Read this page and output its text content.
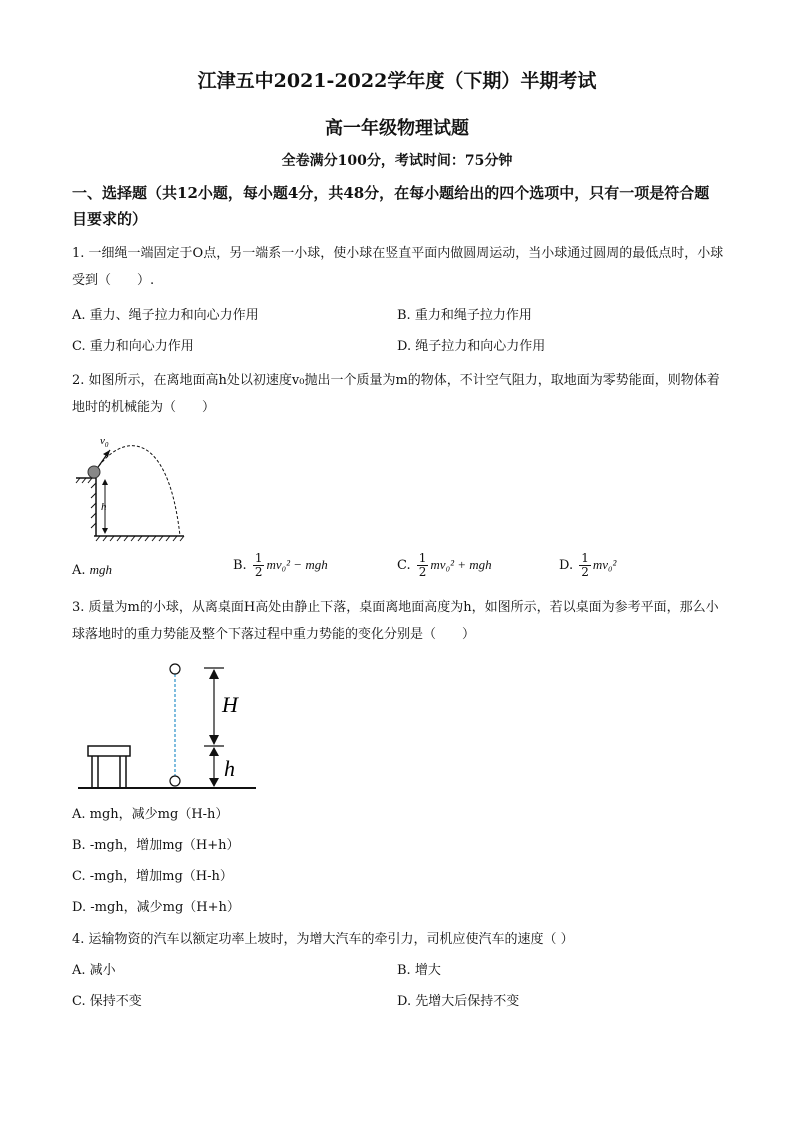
江津五中2021-2022学年度（下期）半期考试
高一年级物理试题
全卷满分100分，考试时间：75分钟
一、选择题（共12小题，每小题4分，共48分，在每小题给出的四个选项中，只有一项是符合题目要求的）
1. 一细绳一端固定于O点，另一端系一小球，使小球在竖直平面内做圆周运动，当小球通过圆周的最低点时，小球受到（　　）.
A. 重力、绳子拉力和向心力作用	B. 重力和绳子拉力作用
C. 重力和向心力作用	D. 绳子拉力和向心力作用
2. 如图所示，在离地面高h处以初速度v₀抛出一个质量为m的物体，不计空气阻力，取地面为零势能面，则物体着地时的机械能为（　　）
$v_0$
h
A. mgh	B. $\frac{1}{2} mv_0^2$ − mgh	C. $\frac{1}{2} mv_0^2$ + mgh	D. $\frac{1}{2} mv_0^2$
3. 质量为m的小球，从离桌面H高处由静止下落，桌面离地面高度为h，如图所示，若以桌面为参考平面，那么小球落地时的重力势能及整个下落过程中重力势能的变化分别是（　　）
H
h
A. mgh，减少mg（H-h）
B. -mgh，增加mg（H+h）
C. -mgh，增加mg（H-h）
D. -mgh，减少mg（H+h）
4. 运输物资的汽车以额定功率上坡时，为增大汽车的牵引力，司机应使汽车的速度（ ）
A. 减小	B. 增大
C. 保持不变	D. 先增大后保持不变
